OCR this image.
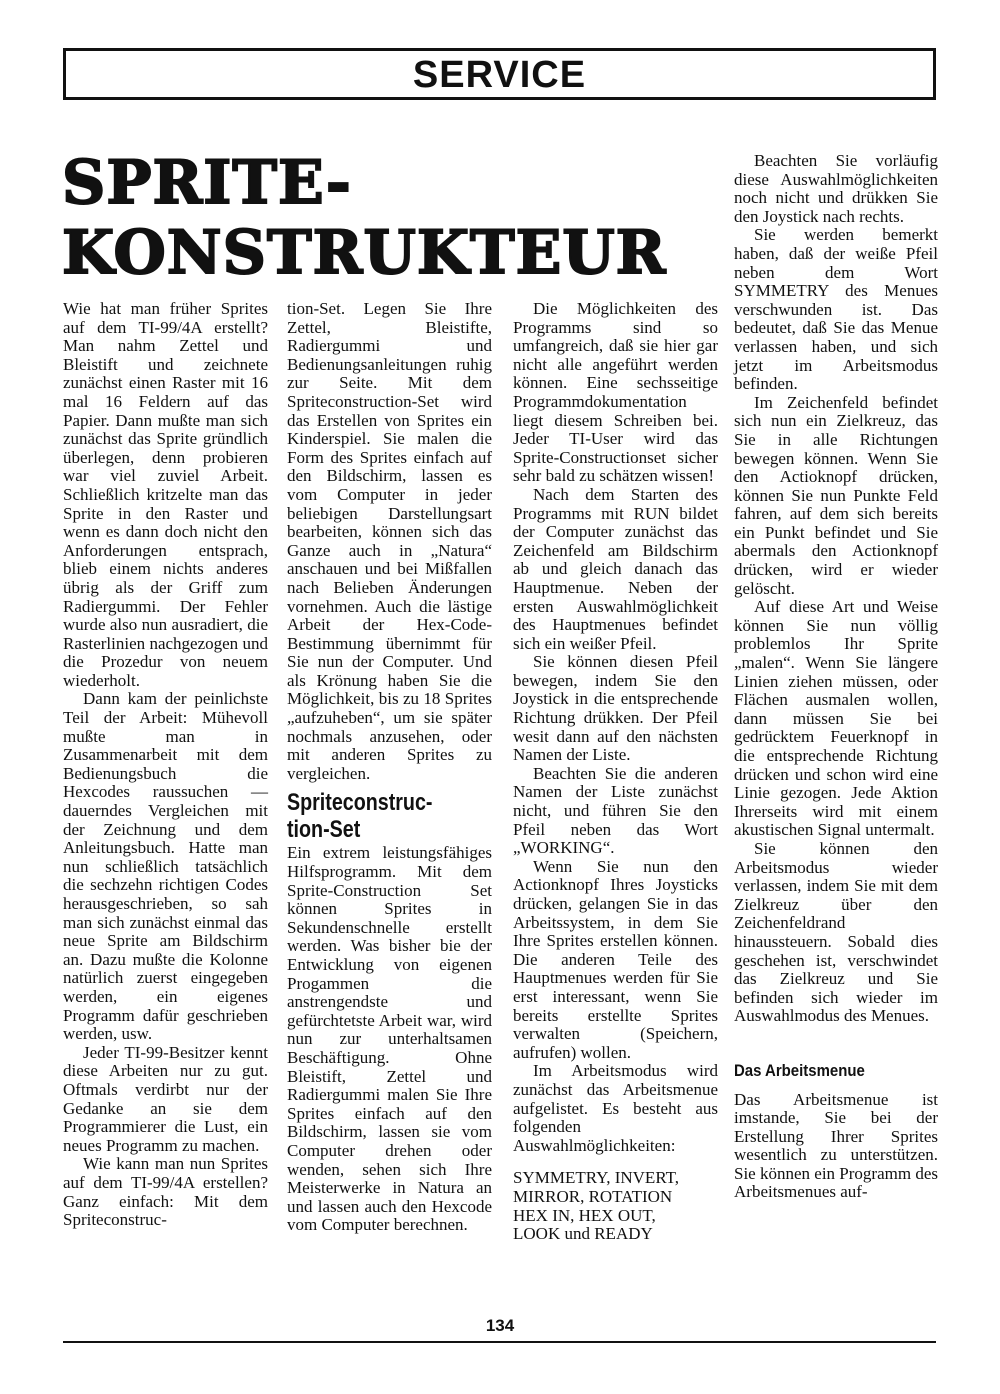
SERVICE
SPRITE-
KONSTRUKTEUR

Wie hat man früher Sprites auf dem TI-99/4A erstellt? Man nahm Zettel und Bleistift und zeichnete zunächst einen Raster mit 16 mal 16 Feldern auf das Papier. Dann mußte man sich zunächst das Sprite gründlich überlegen, denn probieren war viel zuviel Arbeit. Schließlich kritzelte man das Sprite in den Raster und wenn es dann doch nicht den Anforderungen entsprach, blieb einem nichts anderes übrig als der Griff zum Radiergummi. Der Fehler wurde also nun ausradiert, die Rasterlinien nachgezogen und die Prozedur von neuem wiederholt.

Dann kam der peinlichste Teil der Arbeit: Mühevoll mußte man in Zusammenarbeit mit dem Bedienungsbuch die Hexcodes raussuchen — dauerndes Vergleichen mit der Zeichnung und dem Anleitungsbuch. Hatte man nun schließlich tatsächlich die sechzehn richtigen Codes herausgeschrieben, so sah man sich zunächst einmal das neue Sprite am Bildschirm an. Dazu mußte die Kolonne natürlich zuerst eingegeben werden, ein eigenes Programm dafür geschrieben werden, usw.

Jeder TI-99-Besitzer kennt diese Arbeiten nur zu gut. Oftmals verdirbt nur der Gedanke an sie dem Programmierer die Lust, ein neues Programm zu machen.

Wie kann man nun Sprites auf dem TI-99/4A erstellen? Ganz einfach: Mit dem Spriteconstruc-

tion-Set. Legen Sie Ihre Zettel, Bleistifte, Radiergummi und Bedienungsanleitungen ruhig zur Seite. Mit dem Spriteconstruction-Set wird das Erstellen von Sprites ein Kinderspiel. Sie malen die Form des Sprites einfach auf den Bildschirm, lassen es vom Computer in jeder beliebigen Darstellungsart bearbeiten, können sich das Ganze auch in „Natura“ anschauen und bei Mißfallen nach Belieben Änderungen vornehmen. Auch die lästige Arbeit der Hex-Code-Bestimmung übernimmt für Sie nun der Computer. Und als Krönung haben Sie die Möglichkeit, bis zu 18 Sprites „aufzuheben“, um sie später nochmals anzusehen, oder mit anderen Sprites zu vergleichen.

Spriteconstruc-
tion-Set

Ein extrem leistungsfähiges Hilfsprogramm. Mit dem Sprite-Construction Set können Sprites in Sekundenschnelle erstellt werden. Was bisher bie der Entwicklung von eigenen Progammen die anstrengendste und gefürchtetste Arbeit war, wird nun zur unterhaltsamen Beschäftigung. Ohne Bleistift, Zettel und Radiergummi malen Sie Ihre Sprites einfach auf den Bildschirm, lassen sie vom Computer drehen oder wenden, sehen sich Ihre Meisterwerke in Natura an und lassen auch den Hexcode vom Computer berechnen.

Die Möglichkeiten des Programms sind so umfangreich, daß sie hier gar nicht alle angeführt werden können. Eine sechsseitige Programmdokumentation liegt diesem Schreiben bei. Jeder TI-User wird das Sprite-Constructionset sicher sehr bald zu schätzen wissen!

Nach dem Starten des Programms mit RUN bildet der Computer zunächst das Zeichenfeld am Bildschirm ab und gleich danach das Hauptmenue. Neben der ersten Auswahlmöglichkeit des Hauptmenues befindet sich ein weißer Pfeil.

Sie können diesen Pfeil bewegen, indem Sie den Joystick in die entsprechende Richtung drükken. Der Pfeil wesit dann auf den nächsten Namen der Liste.

Beachten Sie die anderen Namen der Liste zunächst nicht, und führen Sie den Pfeil neben das Wort „WORKING“.

Wenn Sie nun den Actionknopf Ihres Joysticks drücken, gelangen Sie in das Arbeitssystem, in dem Sie Ihre Sprites erstellen können. Die anderen Teile des Hauptmenues werden für Sie erst interessant, wenn Sie bereits erstellte Sprites verwalten (Speichern, aufrufen) wollen.

Im Arbeitsmodus wird zunächst das Arbeitsmenue aufgelistet. Es besteht aus folgenden Auswahlmöglichkeiten:

SYMMETRY, INVERT,
MIRROR, ROTATION
HEX IN, HEX OUT,
LOOK und READY

Beachten Sie vorläufig diese Auswahlmöglichkeiten noch nicht und drükken Sie den Joystick nach rechts.

Sie werden bemerkt haben, daß der weiße Pfeil neben dem Wort SYMMETRY des Menues verschwunden ist. Das bedeutet, daß Sie das Menue verlassen haben, und sich jetzt im Arbeitsmodus befinden.

Im Zeichenfeld befindet sich nun ein Zielkreuz, das Sie in alle Richtungen bewegen können. Wenn Sie den Actioknopf drücken, können Sie nun Punkte Feld fahren, auf dem sich bereits ein Punkt befindet und Sie abermals den Actionknopf drücken, wird er wieder gelöscht.

Auf diese Art und Weise können Sie nun völlig problemlos Ihr Sprite „malen“. Wenn Sie längere Linien ziehen müssen, oder Flächen ausmalen wollen, dann müssen Sie bei gedrücktem Feuerknopf in die entsprechende Richtung drücken und schon wird eine Linie gezogen. Jede Aktion Ihrerseits wird mit einem akustischen Signal untermalt.

Sie können den Arbeitsmodus wieder verlassen, indem Sie mit dem Zielkreuz über den Zeichenfeldrand hinaussteuern. Sobald dies geschehen ist, verschwindet das Zielkreuz und Sie befinden sich wieder im Auswahlmodus des Menues.

Das Arbeitsmenue

Das Arbeitsmenue ist imstande, Sie bei der Erstellung Ihrer Sprites wesentlich zu unterstützen. Sie können ein Programm des Arbeitsmenues auf-

134
